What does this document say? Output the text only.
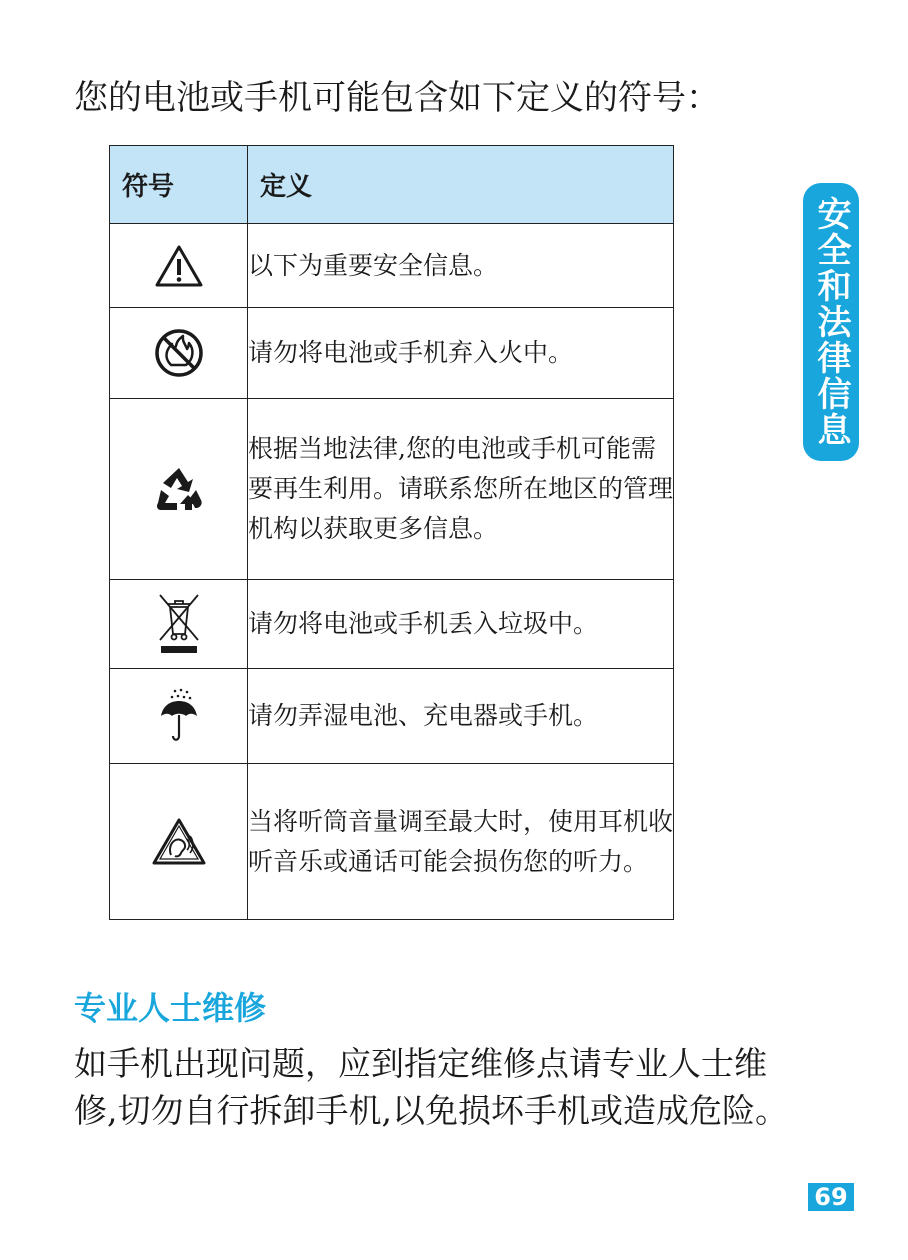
您的电池或手机可能包含如下定义的符号：

符号	定义

	以下为重要安全信息。

	请勿将电池或手机弃入火中。

	根据当地法律,您的电池或手机可能需要再生利用。请联系您所在地区的管理机构以获取更多信息。

	请勿将电池或手机丢入垃圾中。

	请勿弄湿电池、充电器或手机。

	当将听筒音量调至最大时，使用耳机收听音乐或通话可能会损伤您的听力。
专业人士维修

如手机出现问题，应到指定维修点请专业人士维修,切勿自行拆卸手机,以免损坏手机或造成危险。

安全和法律信息
69
